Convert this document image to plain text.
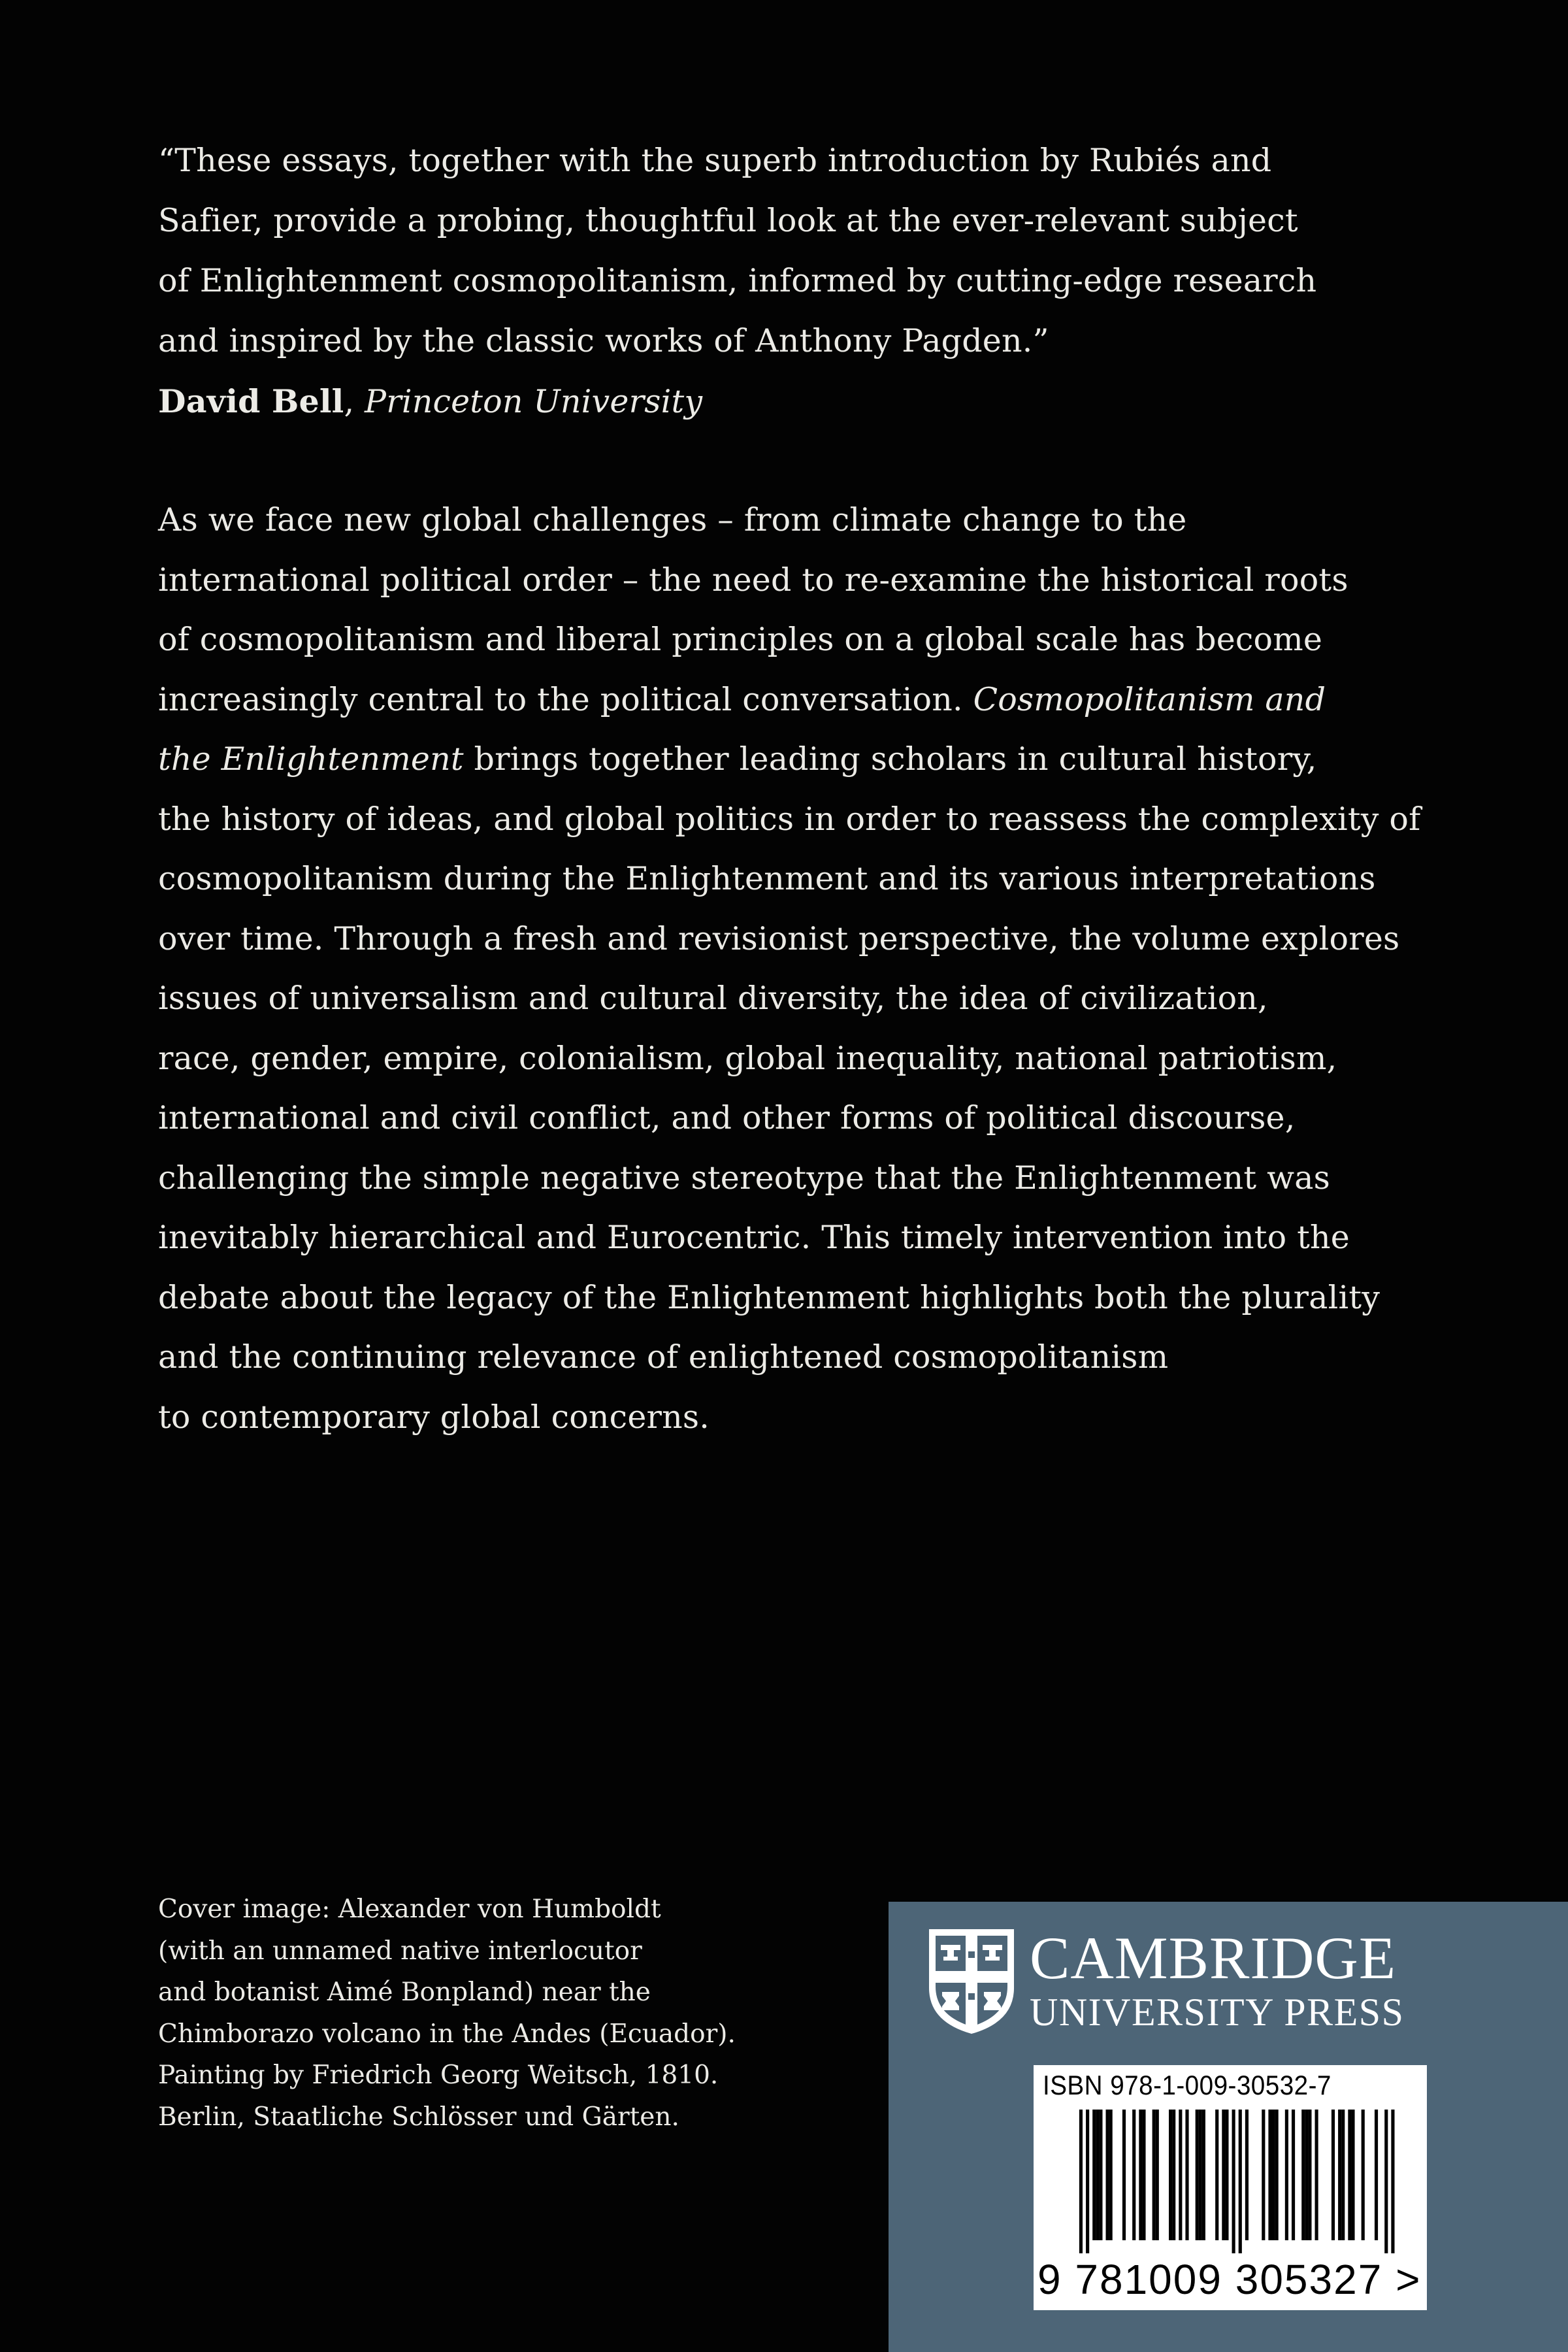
“These essays, together with the superb introduction by Rubiés and
Safier, provide a probing, thoughtful look at the ever-relevant subject
of Enlightenment cosmopolitanism, informed by cutting-edge research
and inspired by the classic works of Anthony Pagden.”
David Bell, Princeton University
As we face new global challenges – from climate change to the
international political order – the need to re-examine the historical roots
of cosmopolitanism and liberal principles on a global scale has become
increasingly central to the political conversation. Cosmopolitanism and
the Enlightenment brings together leading scholars in cultural history,
the history of ideas, and global politics in order to reassess the complexity of
cosmopolitanism during the Enlightenment and its various interpretations
over time. Through a fresh and revisionist perspective, the volume explores
issues of universalism and cultural diversity, the idea of civilization,
race, gender, empire, colonialism, global inequality, national patriotism,
international and civil conflict, and other forms of political discourse,
challenging the simple negative stereotype that the Enlightenment was
inevitably hierarchical and Eurocentric. This timely intervention into the
debate about the legacy of the Enlightenment highlights both the plurality
and the continuing relevance of enlightened cosmopolitanism
to contemporary global concerns.
Cover image: Alexander von Humboldt
(with an unnamed native interlocutor
and botanist Aimé Bonpland) near the
Chimborazo volcano in the Andes (Ecuador).
Painting by Friedrich Georg Weitsch, 1810.
Berlin, Staatliche Schlösser und Gärten.
CAMBRIDGE
UNIVERSITY PRESS
ISBN 978-1-009-30532-7
9 781009 305327 >
